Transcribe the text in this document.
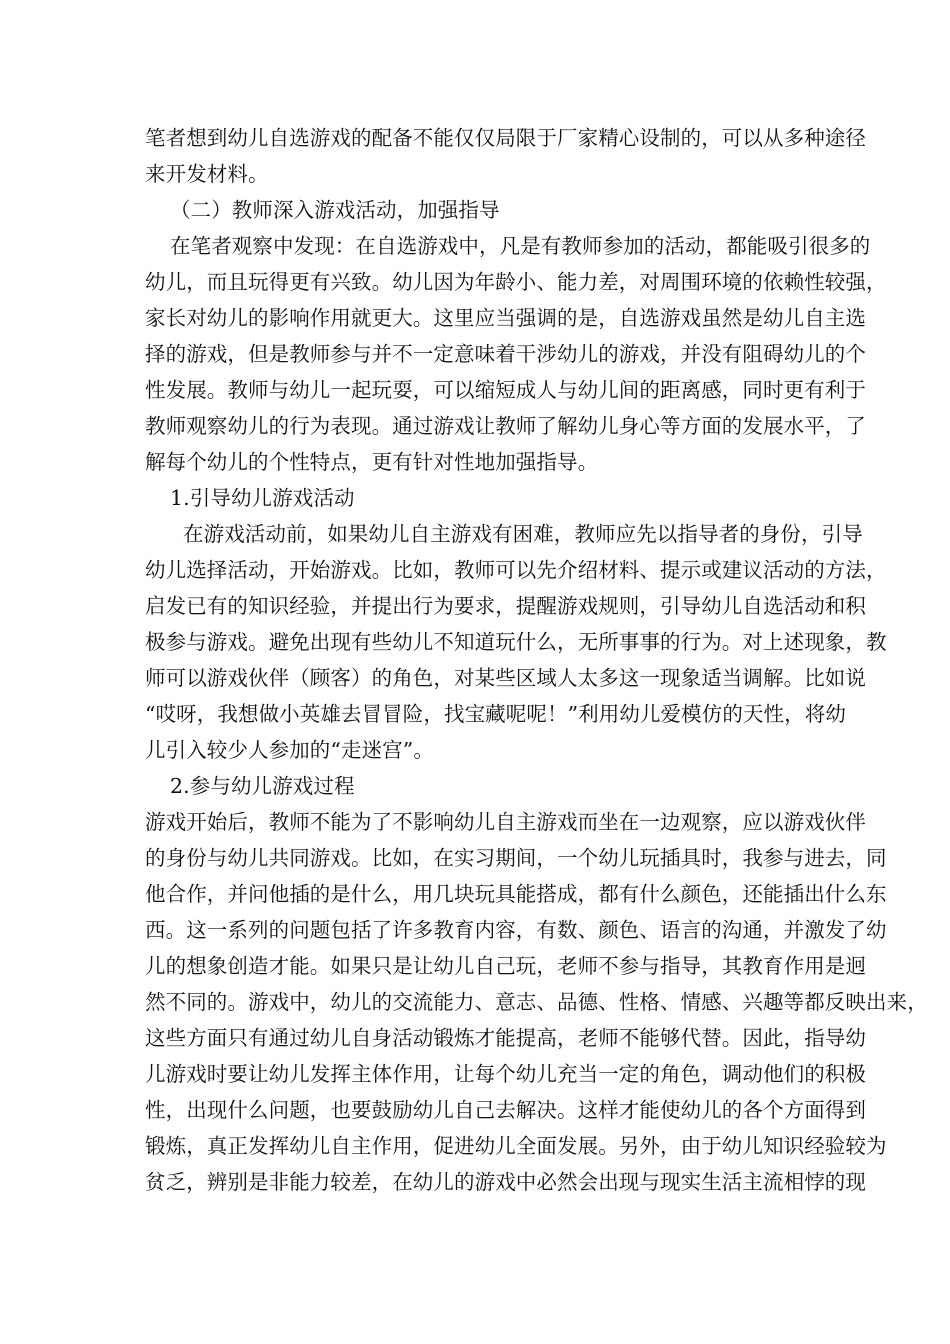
笔者想到幼儿自选游戏的配备不能仅仅局限于厂家精心设制的，可以从多种途径
来开发材料。
（二）教师深入游戏活动，加强指导
在笔者观察中发现：在自选游戏中，凡是有教师参加的活动，都能吸引很多的
幼儿，而且玩得更有兴致。幼儿因为年龄小、能力差，对周围环境的依赖性较强，
家长对幼儿的影响作用就更大。这里应当强调的是，自选游戏虽然是幼儿自主选
择的游戏，但是教师参与并不一定意味着干涉幼儿的游戏，并没有阻碍幼儿的个
性发展。教师与幼儿一起玩耍，可以缩短成人与幼儿间的距离感，同时更有利于
教师观察幼儿的行为表现。通过游戏让教师了解幼儿身心等方面的发展水平，了
解每个幼儿的个性特点，更有针对性地加强指导。
1.引导幼儿游戏活动
在游戏活动前，如果幼儿自主游戏有困难，教师应先以指导者的身份，引导
幼儿选择活动，开始游戏。比如，教师可以先介绍材料、提示或建议活动的方法，
启发已有的知识经验，并提出行为要求，提醒游戏规则，引导幼儿自选活动和积
极参与游戏。避免出现有些幼儿不知道玩什么，无所事事的行为。对上述现象，教
师可以游戏伙伴（顾客）的角色，对某些区域人太多这一现象适当调解。比如说
“哎呀，我想做小英雄去冒冒险，找宝藏呢呢！”利用幼儿爱模仿的天性，将幼
儿引入较少人参加的“走迷宫”。
2.参与幼儿游戏过程
游戏开始后，教师不能为了不影响幼儿自主游戏而坐在一边观察，应以游戏伙伴
的身份与幼儿共同游戏。比如，在实习期间，一个幼儿玩插具时，我参与进去，同
他合作，并问他插的是什么，用几块玩具能搭成，都有什么颜色，还能插出什么东
西。这一系列的问题包括了许多教育内容，有数、颜色、语言的沟通，并激发了幼
儿的想象创造才能。如果只是让幼儿自己玩，老师不参与指导，其教育作用是迥
然不同的。游戏中，幼儿的交流能力、意志、品德、性格、情感、兴趣等都反映出来，
这些方面只有通过幼儿自身活动锻炼才能提高，老师不能够代替。因此，指导幼
儿游戏时要让幼儿发挥主体作用，让每个幼儿充当一定的角色，调动他们的积极
性，出现什么问题，也要鼓励幼儿自己去解决。这样才能使幼儿的各个方面得到
锻炼，真正发挥幼儿自主作用，促进幼儿全面发展。另外，由于幼儿知识经验较为
贫乏，辨别是非能力较差，在幼儿的游戏中必然会出现与现实生活主流相悖的现
